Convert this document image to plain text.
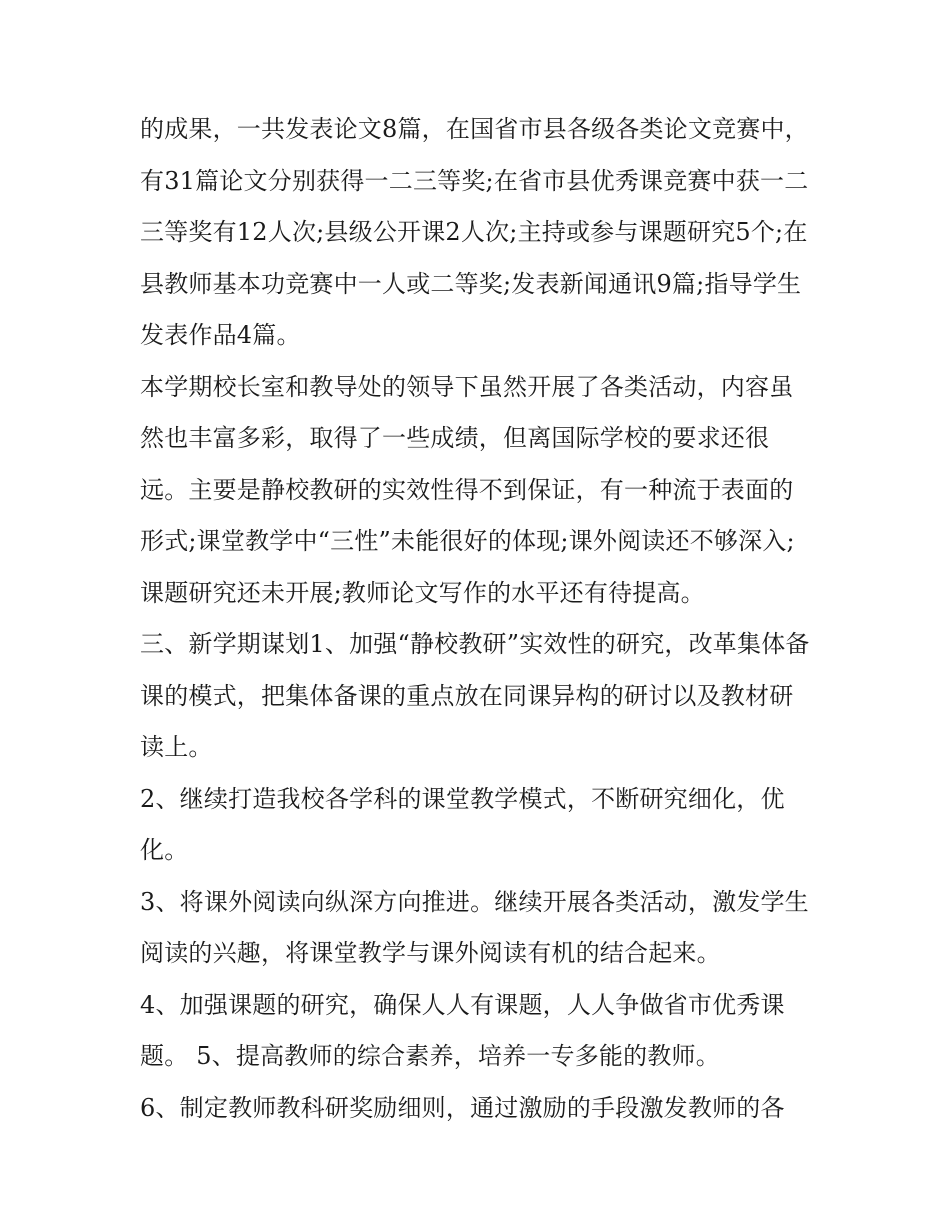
的成果，一共发表论文8篇，在国省市县各级各类论文竞赛中，有31篇论文分别获得一二三等奖;在省市县优秀课竞赛中获一二三等奖有12人次;县级公开课2人次;主持或参与课题研究5个;在县教师基本功竞赛中一人或二等奖;发表新闻通讯9篇;指导学生发表作品4篇。

本学期校长室和教导处的领导下虽然开展了各类活动，内容虽然也丰富多彩，取得了一些成绩，但离国际学校的要求还很远。主要是静校教研的实效性得不到保证，有一种流于表面的形式;课堂教学中“三性”未能很好的体现;课外阅读还不够深入;课题研究还未开展;教师论文写作的水平还有待提高。

三、新学期谋划1、加强“静校教研”实效性的研究，改革集体备课的模式，把集体备课的重点放在同课异构的研讨以及教材研读上。

2、继续打造我校各学科的课堂教学模式，不断研究细化，优化。

3、将课外阅读向纵深方向推进。继续开展各类活动，激发学生阅读的兴趣，将课堂教学与课外阅读有机的结合起来。

4、加强课题的研究，确保人人有课题，人人争做省市优秀课题。 5、提高教师的综合素养，培养一专多能的教师。

6、制定教师教科研奖励细则，通过激励的手段激发教师的各
